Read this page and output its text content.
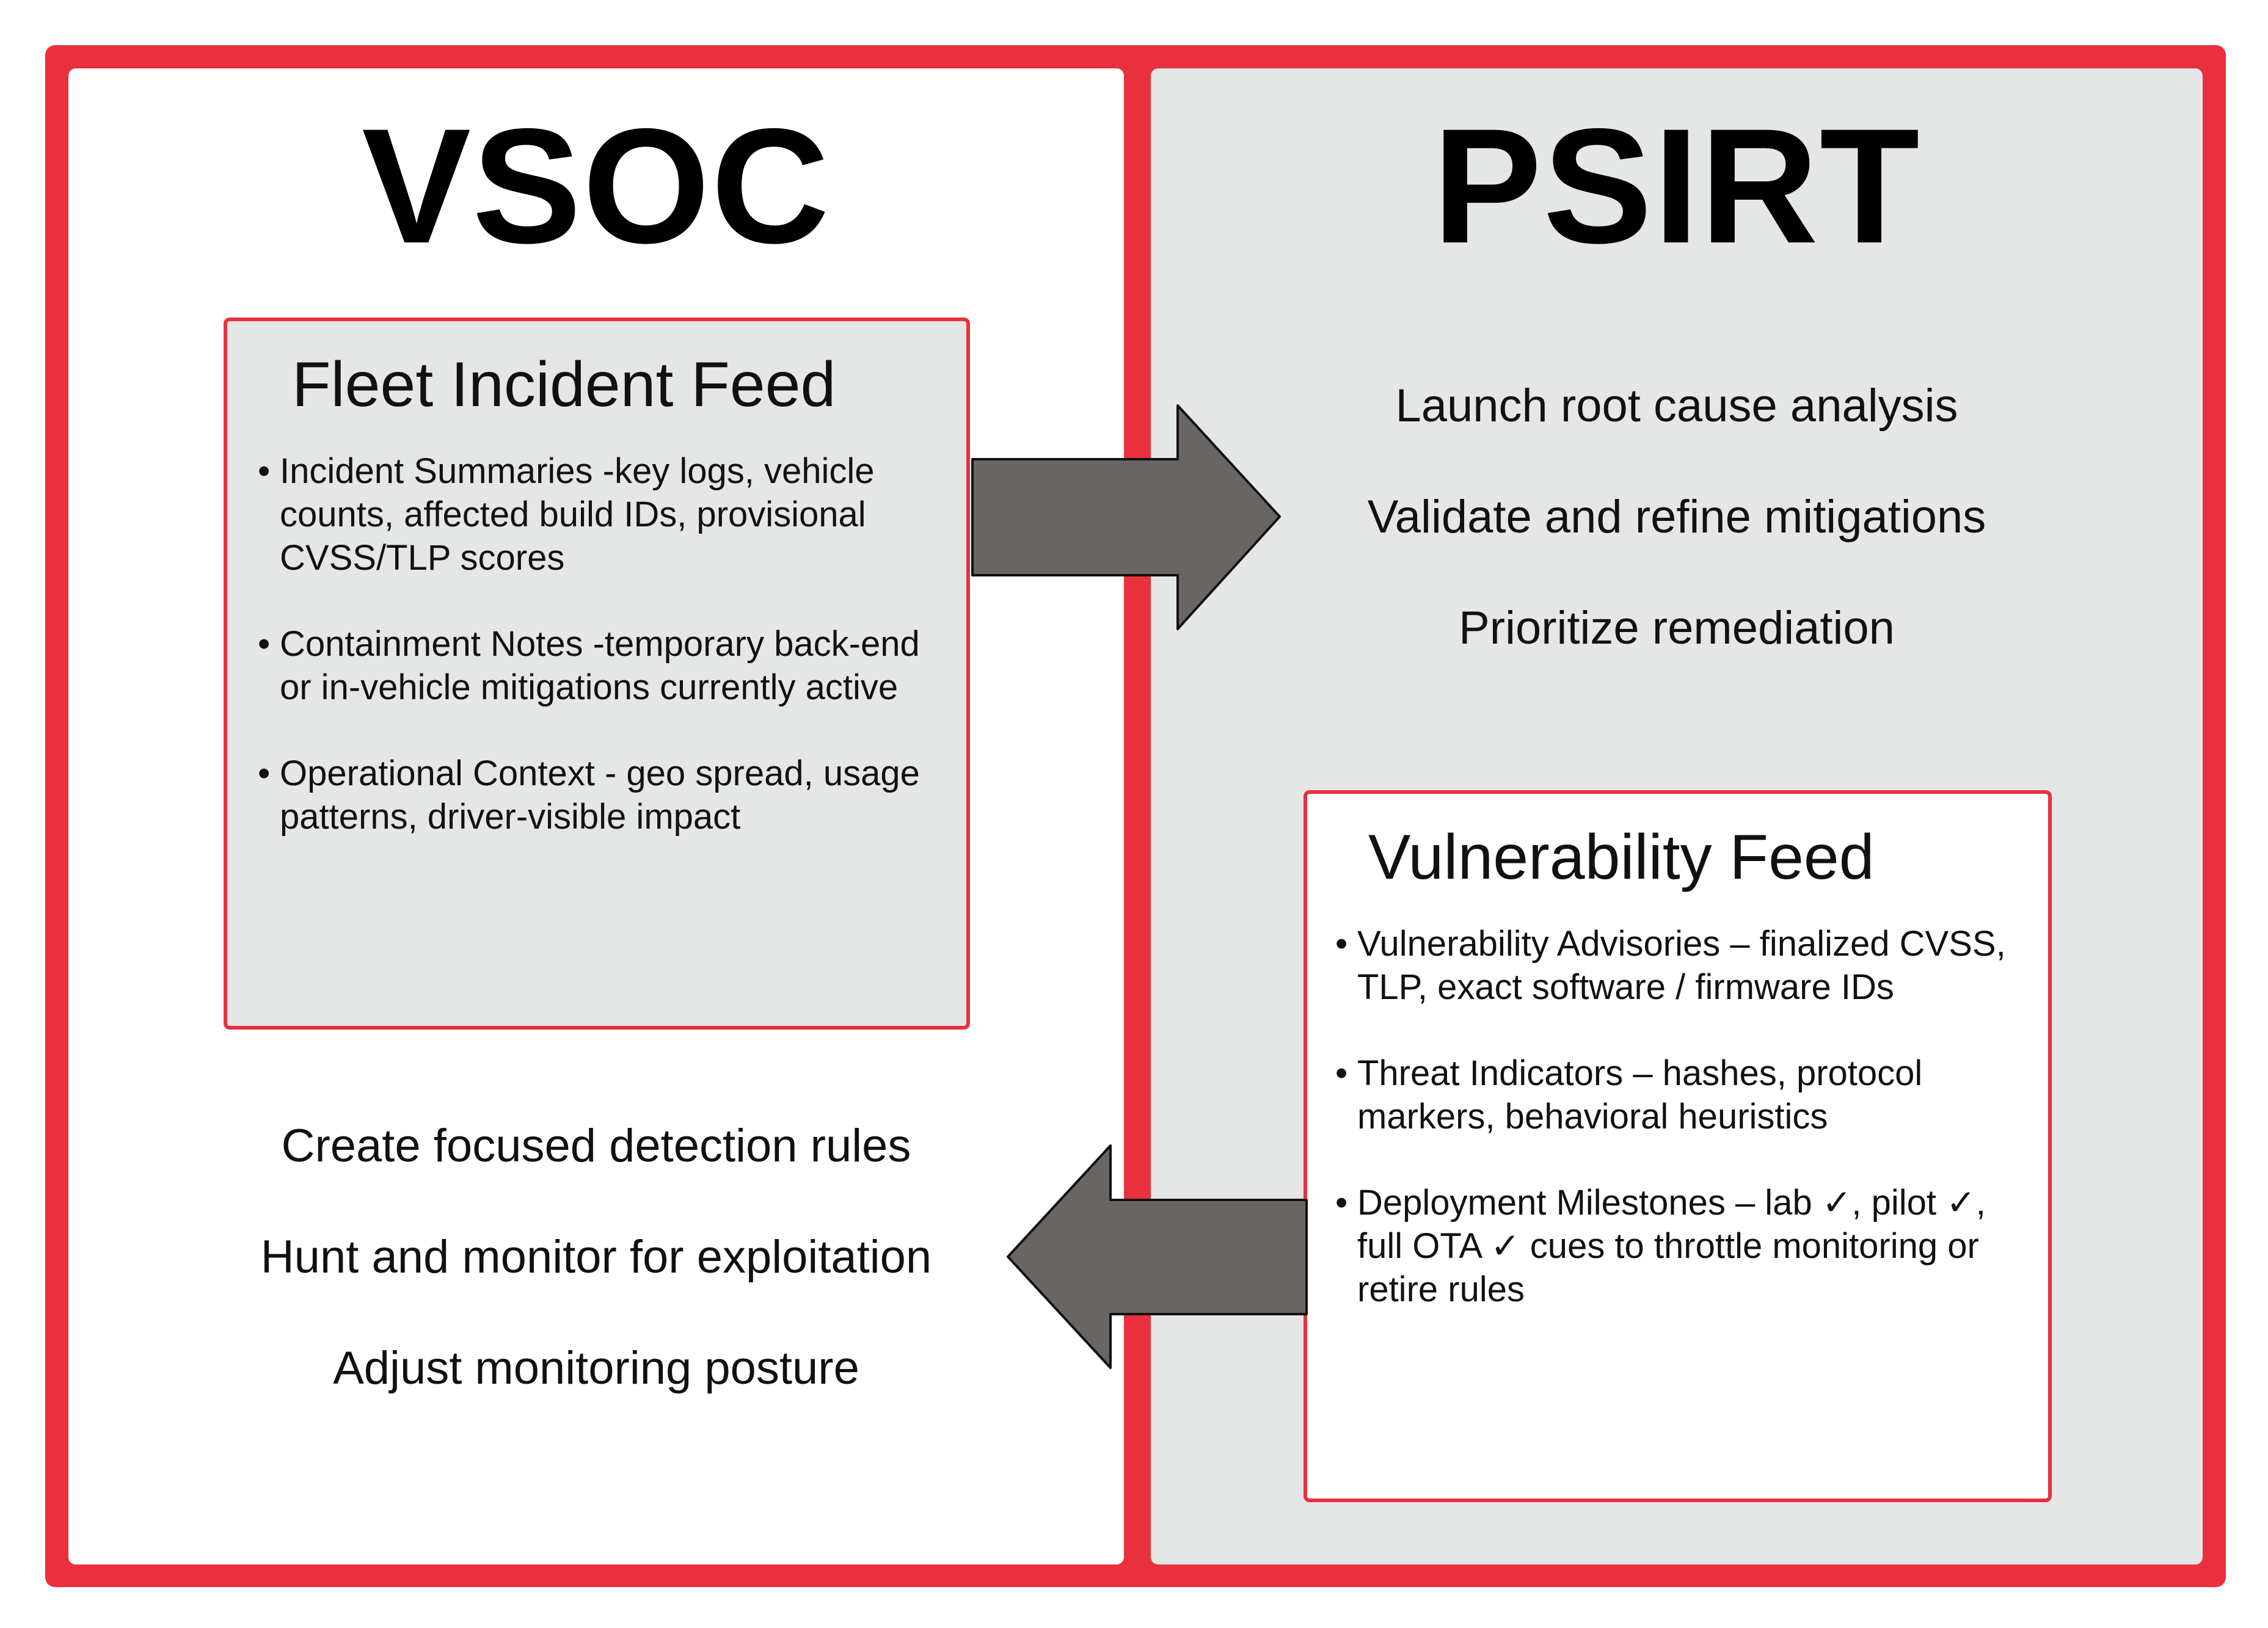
VSOC	PSIRT
Fleet Incident Feed
• Incident Summaries -key logs, vehicle counts, affected build IDs, provisional CVSS/TLP scores
• Containment Notes -temporary back-end or in-vehicle mitigations currently active
• Operational Context - geo spread, usage patterns, driver-visible impact
Launch root cause analysis
Validate and refine mitigations
Prioritize remediation
Vulnerability Feed
• Vulnerability Advisories – finalized CVSS, TLP, exact software / firmware IDs
• Threat Indicators – hashes, protocol markers, behavioral heuristics
• Deployment Milestones – lab ✓, pilot ✓, full OTA ✓ cues to throttle monitoring or retire rules
Create focused detection rules
Hunt and monitor for exploitation
Adjust monitoring posture
